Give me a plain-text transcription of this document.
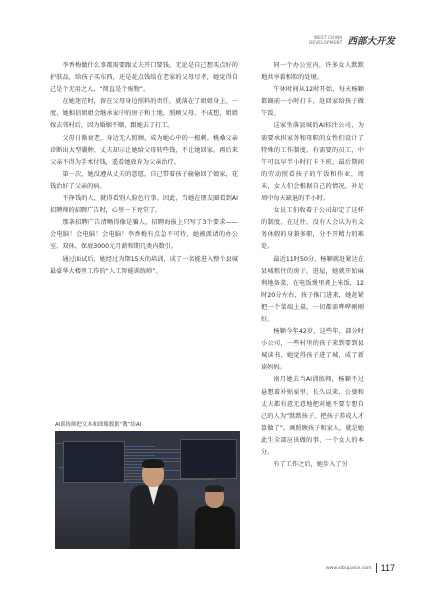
WEST CHINA
DEVELOPMENT 西部大开发

李香梅做什么事都需要跟丈夫开口要钱。无论是自己想买点好的护肤品，给孩子买东西，还是花点钱给在老家的父母尽孝，她觉得自己是个无用之人，“简直是个废物”。

在她迷茫时，留在父母身边照料的责任，就落在了姐姐身上。一度，她相信姐姐会继承家中的房子和土地，照顾父母。不成想，姐姐嫁去邻村后，因为婚姻不顺，跟她去了打工。

父母日渐衰老，身边无人照顾，成为她心中的一根刺。桃桑父亲诊断出大型囊肿，丈夫却示让她给父母转些钱，不让她回家。再后来父亲不得为手术付钱，遥看她放弃为父亲治疗。

第一次，她没遵从丈夫的意愿，自己带着孩子偷偷回了娘家，花钱治好了父亲的病。

不挣钱的人，就得看别人脸色行事。因此，当她在朋友圈看到AI招聘师的招聘广告时，心里一下亮堂了。

那条招聘广告清晰得像是骗人，招聘海报上只写了3个要求——会电脑！会电脑！会电脑！李香梅有点急不可待，她被派请的办公室、双休、保底3000元月薪和期几类内数引。

通过面试后，她经过为期15天的培训，成了一名能进入整个县城最豪华大楼里工作的“人工智能训练师”。

同一个办公室内，许多女人默默地共享着相似的处境。

午休时间从12时开始，每天杨颖都圈前一小时打卡，赶回家给孩子做午饭。

这家坐落县城的AI标注公司，为需要承担家务和母职的女性们设计了特殊的工作制度。有需要的员工，中午可以早半小时打卡下班，最后期间的劳动照看孩子的午饭和作业，周末，女人们会根据自己的情况，补足周中每天缺退的半小时。

女员工们收着于公司却定了这样的制度。在过往，没有人会认为有义务休假的身兼多职，分不开精力的难处。

最近11时50分，杨颖就赶紧达在县城租住的房子。进屋，她就开始麻利地备菜，在电饭煲里煮上米饭，12时20分左右，孩子推门进来，她赶紧把一个菜端上桌，一切都需哗哗刚刚好。

杨颖今年42岁，这些年，部分时小公司，一些村里的孩子来到要到县城读书，她觉得孩子进了城，成了新读妈妈。

南月她去当AI训练师，杨颖不过悬想着补贴家里。长久以来，公婆和丈夫都有意无意地把对她不要专想自己的人为“默默孩子，把孩子养成人才算做了”。画照顾孩子和家人，就是她此生全部应该做的事，一个女人的本分。

有了工作之后，她步入了另

AI训练师把文本和图像数据“教”给AI
www.xibupaice.com 117
